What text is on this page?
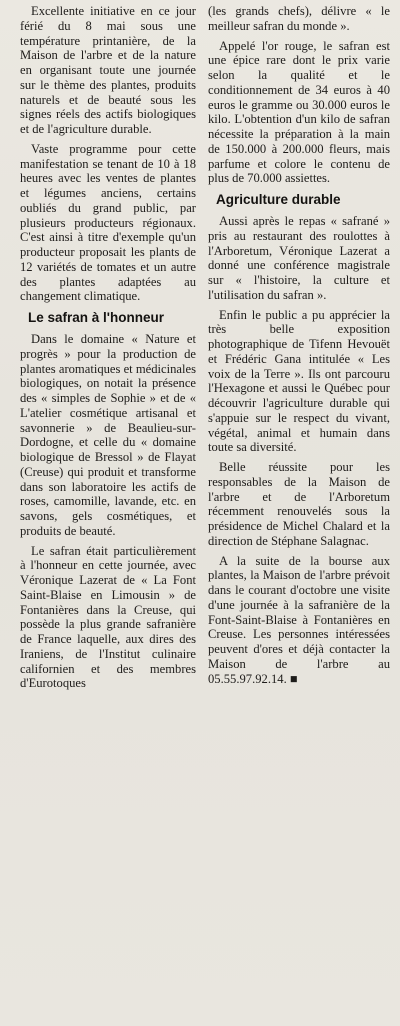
Excellente initiative en ce jour férié du 8 mai sous une température printanière, de la Maison de l'arbre et de la nature en organisant toute une journée sur le thème des plantes, produits naturels et de beauté sous les signes réels des actifs biologiques et de l'agriculture durable.

Vaste programme pour cette manifestation se tenant de 10 à 18 heures avec les ventes de plantes et légumes anciens, certains oubliés du grand public, par plusieurs producteurs régionaux. C'est ainsi à titre d'exemple qu'un producteur proposait les plants de 12 variétés de tomates et un autre des plantes adaptées au changement climatique.

Le safran à l'honneur

Dans le domaine « Nature et progrès » pour la production de plantes aromatiques et médicinales biologiques, on notait la présence des « simples de Sophie » et de « L'atelier cosmétique artisanal et savonnerie » de Beaulieu-sur-Dordogne, et celle du « domaine biologique de Bressol » de Flayat (Creuse) qui produit et transforme dans son laboratoire les actifs de roses, camomille, lavande, etc. en savons, gels cosmétiques, et produits de beauté.

Le safran était particulièrement à l'honneur en cette journée, avec Véronique Lazerat de « La Font Saint-Blaise en Limousin » de Fontanières dans la Creuse, qui possède la plus grande safranière de France laquelle, aux dires des Iraniens, de l'Institut culinaire californien et des membres d'Eurotoques

(les grands chefs), délivre « le meilleur safran du monde ».

Appelé l'or rouge, le safran est une épice rare dont le prix varie selon la qualité et le conditionnement de 34 euros à 40 euros le gramme ou 30.000 euros le kilo. L'obtention d'un kilo de safran nécessite la préparation à la main de 150.000 à 200.000 fleurs, mais parfume et colore le contenu de plus de 70.000 assiettes.

Agriculture durable

Aussi après le repas « safrané » pris au restaurant des roulottes à l'Arboretum, Véronique Lazerat a donné une conférence magistrale sur « l'histoire, la culture et l'utilisation du safran ».

Enfin le public a pu apprécier la très belle exposition photographique de Tifenn Hevouët et Frédéric Gana intitulée « Les voix de la Terre ». Ils ont parcouru l'Hexagone et aussi le Québec pour découvrir l'agriculture durable qui s'appuie sur le respect du vivant, végétal, animal et humain dans toute sa diversité.

Belle réussite pour les responsables de la Maison de l'arbre et de l'Arboretum récemment renouvelés sous la présidence de Michel Chalard et la direction de Stéphane Salagnac.

A la suite de la bourse aux plantes, la Maison de l'arbre prévoit dans le courant d'octobre une visite d'une journée à la safranière de la Font-Saint-Blaise à Fontanières en Creuse. Les personnes intéressées peuvent d'ores et déjà contacter la Maison de l'arbre au 05.55.97.92.14. ■
